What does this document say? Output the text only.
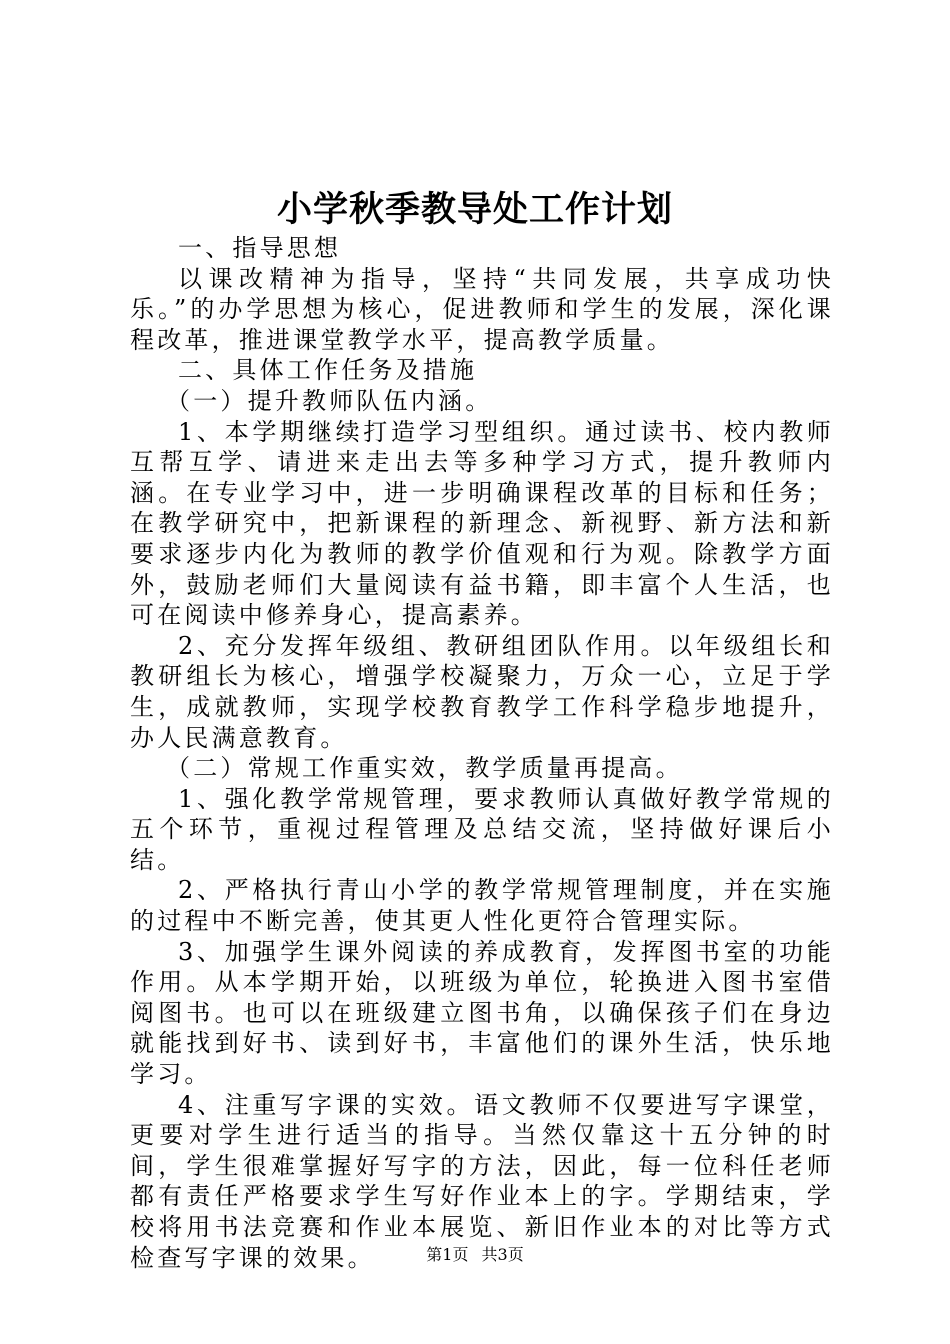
小学秋季教导处工作计划

一、指导思想

以课改精神为指导，坚持“共同发展，共享成功快乐。”的办学思想为核心，促进教师和学生的发展，深化课程改革，推进课堂教学水平，提高教学质量。

二、具体工作任务及措施

（一）提升教师队伍内涵。

1、本学期继续打造学习型组织。通过读书、校内教师互帮互学、请进来走出去等多种学习方式，提升教师内涵。在专业学习中，进一步明确课程改革的目标和任务；在教学研究中，把新课程的新理念、新视野、新方法和新要求逐步内化为教师的教学价值观和行为观。除教学方面外，鼓励老师们大量阅读有益书籍，即丰富个人生活，也可在阅读中修养身心，提高素养。

2、充分发挥年级组、教研组团队作用。以年级组长和教研组长为核心，增强学校凝聚力，万众一心，立足于学生，成就教师，实现学校教育教学工作科学稳步地提升，办人民满意教育。

（二）常规工作重实效，教学质量再提高。

1、强化教学常规管理，要求教师认真做好教学常规的五个环节，重视过程管理及总结交流，坚持做好课后小结。

2、严格执行青山小学的教学常规管理制度，并在实施的过程中不断完善，使其更人性化更符合管理实际。

3、加强学生课外阅读的养成教育，发挥图书室的功能作用。从本学期开始，以班级为单位，轮换进入图书室借阅图书。也可以在班级建立图书角，以确保孩子们在身边就能找到好书、读到好书，丰富他们的课外生活，快乐地学习。

4、注重写字课的实效。语文教师不仅要进写字课堂，更要对学生进行适当的指导。当然仅靠这十五分钟的时间，学生很难掌握好写字的方法，因此，每一位科任老师都有责任严格要求学生写好作业本上的字。学期结束，学校将用书法竞赛和作业本展览、新旧作业本的对比等方式检查写字课的效果。	第1页 共3页
